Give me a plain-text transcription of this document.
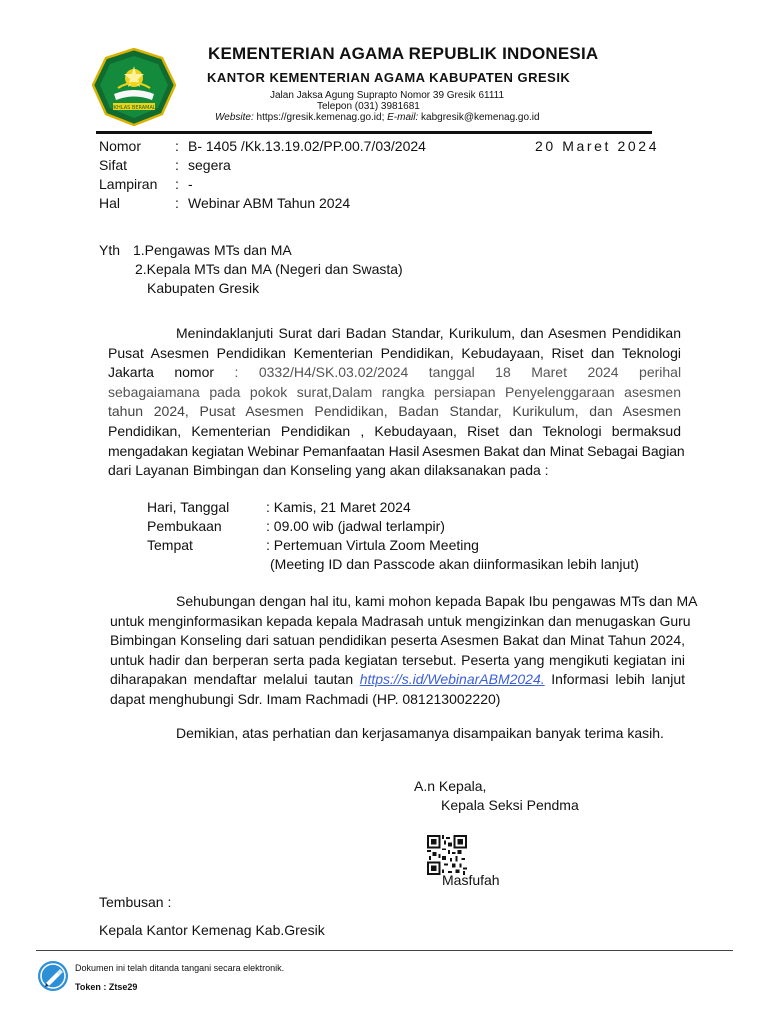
IKHLAS BERAMAL
KEMENTERIAN AGAMA REPUBLIK INDONESIA
KANTOR KEMENTERIAN AGAMA KABUPATEN GRESIK
Jalan Jaksa Agung Suprapto Nomor 39 Gresik 61111
Telepon (031) 3981681
Website: https://gresik.kemenag.go.id; E-mail: kabgresik@kemenag.go.id
Nomor : B- 1405 /Kk.13.19.02/PP.00.7/03/2024	20 Maret 2024
Sifat	: segera
Lampiran : -
Hal	: Webinar ABM Tahun 2024
Yth 1.Pengawas MTs dan MA
2.Kepala MTs dan MA (Negeri dan Swasta)
Kabupaten Gresik
Menindaklanjuti Surat dari Badan Standar, Kurikulum, dan Asesmen Pendidikan
Pusat Asesmen Pendidikan Kementerian Pendidikan, Kebudayaan, Riset dan Teknologi
Jakarta nomor : 0332/H4/SK.03.02/2024 tanggal 18 Maret 2024 perihal
sebagaiamana pada pokok surat,Dalam rangka persiapan Penyelenggaraan asesmen
tahun 2024, Pusat Asesmen Pendidikan, Badan Standar, Kurikulum, dan Asesmen
Pendidikan, Kementerian Pendidikan , Kebudayaan, Riset dan Teknologi bermaksud
mengadakan kegiatan Webinar Pemanfaatan Hasil Asesmen Bakat dan Minat Sebagai Bagian
dari Layanan Bimbingan dan Konseling yang akan dilaksanakan pada :
Hari, Tanggal	: Kamis, 21 Maret 2024
Pembukaan	: 09.00 wib (jadwal terlampir)
Tempat	: Pertemuan Virtula Zoom Meeting
(Meeting ID dan Passcode akan diinformasikan lebih lanjut)
Sehubungan dengan hal itu, kami mohon kepada Bapak Ibu pengawas MTs dan MA
untuk menginformasikan kepada kepala Madrasah untuk mengizinkan dan menugaskan Guru
Bimbingan Konseling dari satuan pendidikan peserta Asesmen Bakat dan Minat Tahun 2024,
untuk hadir dan berperan serta pada kegiatan tersebut. Peserta yang mengikuti kegiatan ini
diharapakan mendaftar melalui tautan https://s.id/WebinarABM2024. Informasi lebih lanjut
dapat menghubungi Sdr. Imam Rachmadi (HP. 081213002220)
Demikian, atas perhatian dan kerjasamanya disampaikan banyak terima kasih.
A.n Kepala,
Kepala Seksi Pendma
Masfufah
Tembusan :
Kepala Kantor Kemenag Kab.Gresik
Dokumen ini telah ditanda tangani secara elektronik.
Token : Ztse29
